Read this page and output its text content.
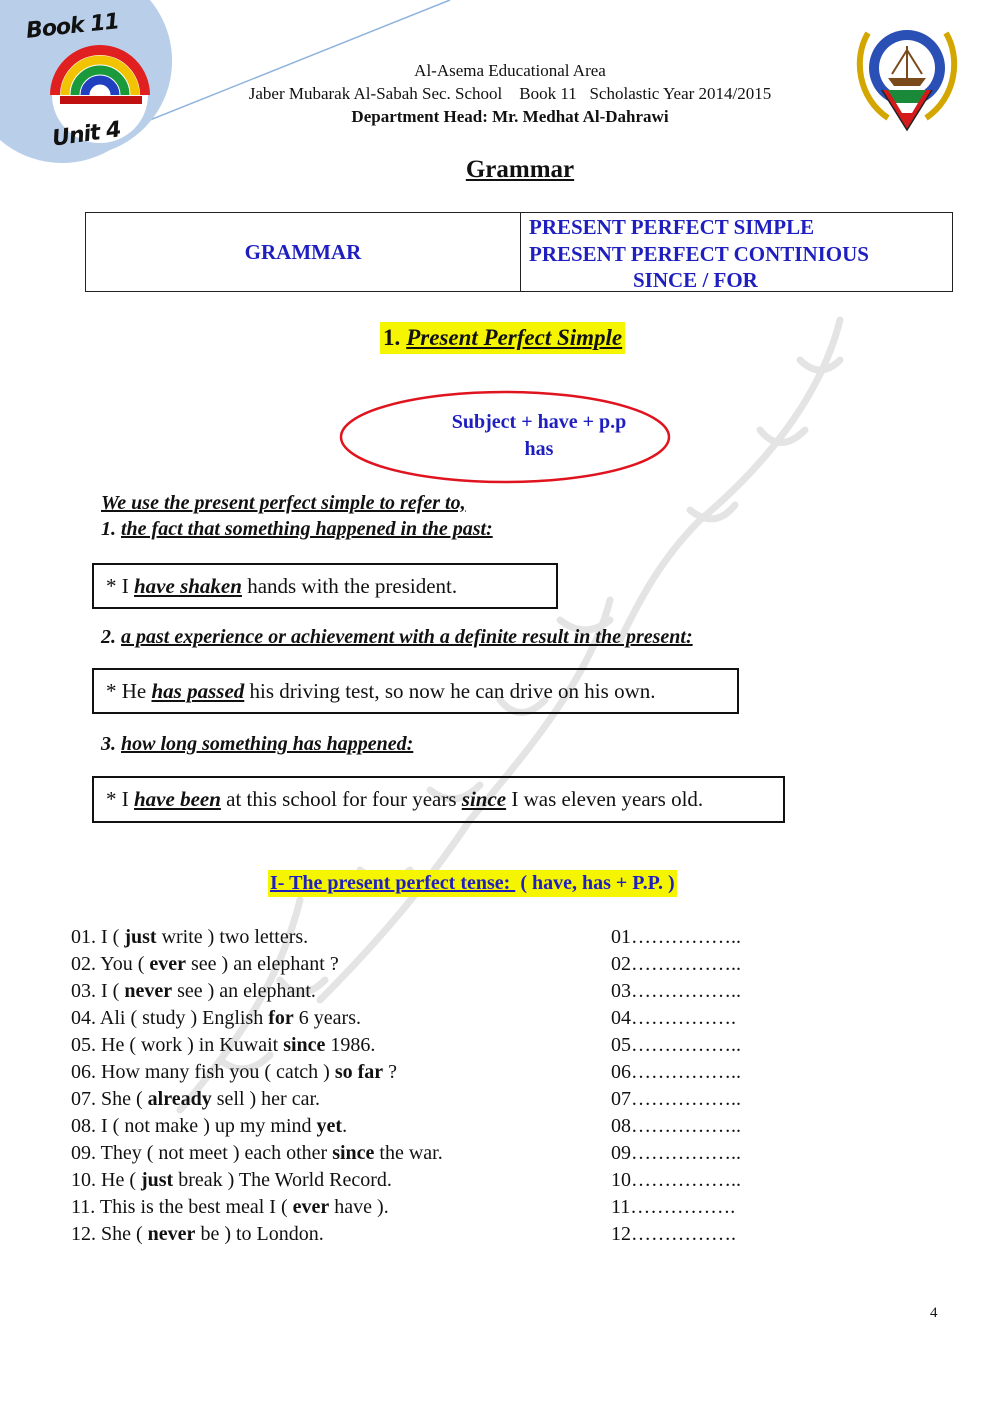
Book 11
Unit 4
Al-Asema Educational Area
Jaber Mubarak Al-Sabah Sec. School    Book 11   Scholastic Year 2014/2015
Department Head: Mr. Medhat Al-Dahrawi
Grammar
GRAMMAR
PRESENT PERFECT SIMPLE
PRESENT PERFECT CONTINIOUS
SINCE / FOR
1. Present Perfect Simple
Subject + have + p.p
has
We use the present perfect simple to refer to,
1. the fact that something happened in the past:
* I have shaken hands with the president.
2. a past experience or achievement with a definite result in the present:
* He has passed his driving test, so now he can drive on his own.
3. how long something has happened:
* I have been at this school for four years since I was eleven years old.
I- The present perfect tense:  ( have, has + P.P. )
01. I ( just write ) two letters.
02. You ( ever see ) an elephant ?
03. I ( never see ) an elephant.
04. Ali ( study ) English for 6 years.
05. He ( work ) in Kuwait since 1986.
06. How many fish you ( catch ) so far ?
07. She ( already sell ) her car.
08. I ( not make ) up my mind yet.
09. They ( not meet ) each other since the war.
10. He ( just break ) The World Record.
11. This is the best meal I ( ever have ).
12. She ( never be ) to London.
01……………..
02……………..
03……………..
04…………….
05……………..
06……………..
07……………..
08……………..
09……………..
10……………..
11…………….
12…………….
4
